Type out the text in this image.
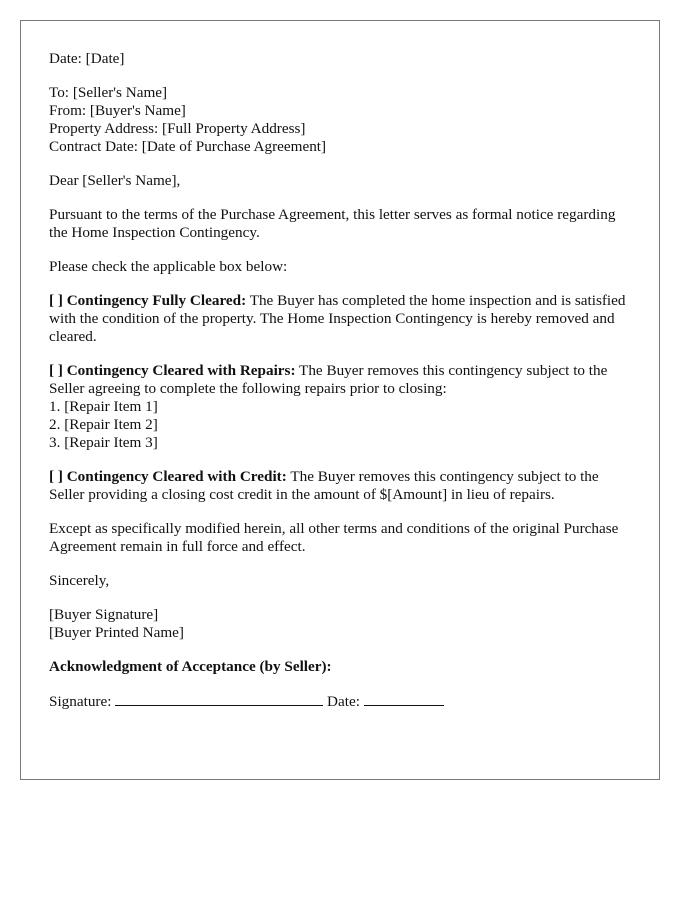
Date: [Date]
To: [Seller's Name]
From: [Buyer's Name]
Property Address: [Full Property Address]
Contract Date: [Date of Purchase Agreement]
Dear [Seller's Name],
Pursuant to the terms of the Purchase Agreement, this letter serves as formal notice regarding the Home Inspection Contingency.
Please check the applicable box below:
[ ] Contingency Fully Cleared: The Buyer has completed the home inspection and is satisfied with the condition of the property. The Home Inspection Contingency is hereby removed and cleared.
[ ] Contingency Cleared with Repairs: The Buyer removes this contingency subject to the Seller agreeing to complete the following repairs prior to closing:
1. [Repair Item 1]
2. [Repair Item 2]
3. [Repair Item 3]
[ ] Contingency Cleared with Credit: The Buyer removes this contingency subject to the Seller providing a closing cost credit in the amount of $[Amount] in lieu of repairs.
Except as specifically modified herein, all other terms and conditions of the original Purchase Agreement remain in full force and effect.
Sincerely,
[Buyer Signature]
[Buyer Printed Name]
Acknowledgment of Acceptance (by Seller):
Signature:	Date:
